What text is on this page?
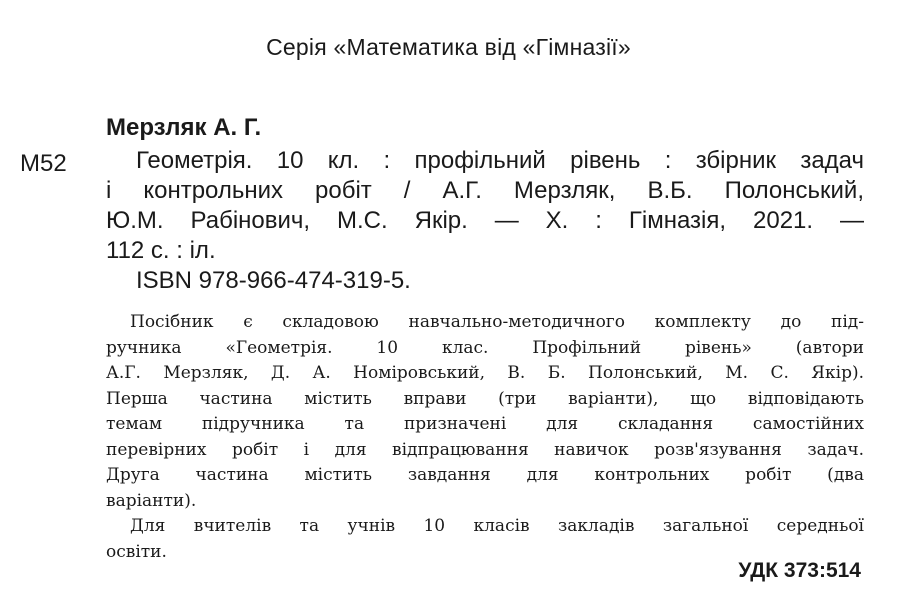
Серія «Математика від «Гімназії»
Мерзляк А. Г.
М52	Геометрія. 10 кл. : профільний рівень : збірник задач
і контрольних робіт / А.Г. Мерзляк, В.Б. Полонський,
Ю.М. Рабінович, М.С. Якір. — Х. : Гімназія, 2021. —
112 с. : іл.
ISBN 978-966-474-319-5.
Посібник є складовою навчально-методичного комплекту до під-
ручника «Геометрія. 10 клас. Профільний рівень» (автори
А.Г. Мерзляк, Д. А. Номіровський, В. Б. Полонський, М. С. Якір).
Перша частина містить вправи (три варіанти), що відповідають
темам підручника та призначені для складання самостійних
перевірних робіт і для відпрацювання навичок розв'язування задач.
Друга частина містить завдання для контрольних робіт (два
варіанти).
Для вчителів та учнів 10 класів закладів загальної середньої
освіти.
УДК 373:514
